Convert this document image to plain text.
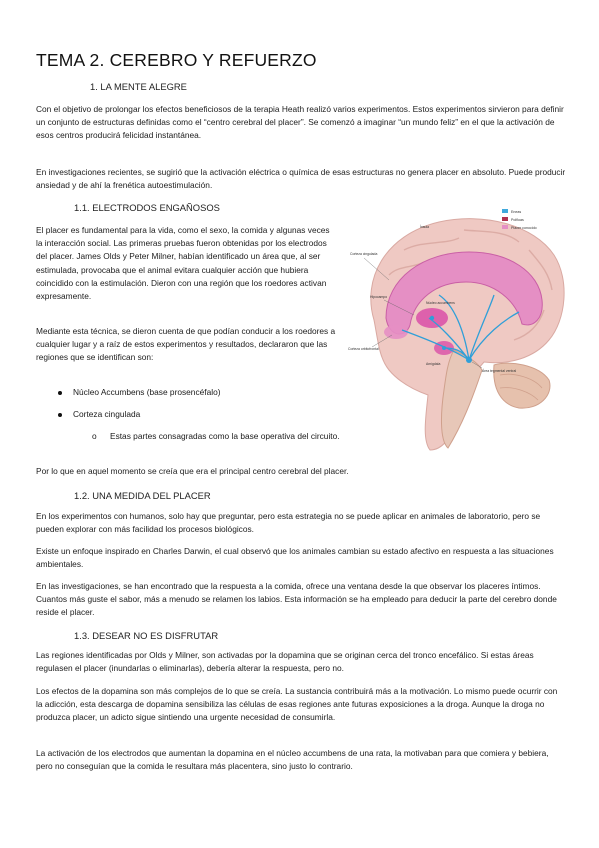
TEMA 2. CEREBRO Y REFUERZO
1. LA MENTE ALEGRE

Con el objetivo de prolongar los efectos beneficiosos de la terapia Heath realizó varios experimentos. Estos experimentos sirvieron para definir un conjunto de estructuras definidas como el “centro cerebral del placer”. Se comenzó a imaginar “un mundo feliz” en el que la activación de esos centros producirá felicidad instantánea.

En investigaciones recientes, se sugirió que la activación eléctrica o química de esas estructuras no genera placer en absoluto. Puede producir ansiedad y de ahí la frenética autoestimulación.

1.1. ELECTRODOS ENGAÑOSOS

El placer es fundamental para la vida, como el sexo, la comida y algunas veces la interacción social. Las primeras pruebas fueron obtenidas por los electrodos del placer. James Olds y Peter Milner, habían identificado un área que, al ser estimulada, provocaba que el animal evitara cualquier acción que hubiera coincidido con la estimulación. Dieron con una región que los roedores activan expresamente.

Mediante esta técnica, se dieron cuenta de que podían conducir a los roedores a cualquier lugar y a raíz de estos experimentos y resultados, declararon que las regiones que se identifican son:

Núcleo Accumbens (base prosencéfalo)
Corteza cingulada
o Estas partes consagradas como la base operativa del circuito.

Por lo que en aquel momento se creía que era el principal centro cerebral del placer.

1.2. UNA MEDIDA DEL PLACER

En los experimentos con humanos, solo hay que preguntar, pero esta estrategia no se puede aplicar en animales de laboratorio, pero se pueden explorar con más facilidad los procesos biológicos.

Existe un enfoque inspirado en Charles Darwin, el cual observó que los animales cambian su estado afectivo en respuesta a las situaciones ambientales.

En las investigaciones, se han encontrado que la respuesta a la comida, ofrece una ventana desde la que observar los placeres íntimos. Cuantos más guste el sabor, más a menudo se relamen los labios. Esta información se ha empleado para deducir la parte del cerebro donde reside el placer.

1.3. DESEAR NO ES DISFRUTAR

Las regiones identificadas por Olds y Milner, son activadas por la dopamina que se originan cerca del tronco encefálico. Si estas áreas regulasen el placer (inundarlas o eliminarlas), debería alterar la respuesta, pero no.

Los efectos de la dopamina son más complejos de lo que se creía. La sustancia contribuirá más a la motivación. Lo mismo puede ocurrir con la adicción, esta descarga de dopamina sensibiliza las células de esas regiones ante futuras exposiciones a la droga. Aunque la droga no produzca placer, un adicto sigue sintiendo una urgente necesidad de consumirla.

La activación de los electrodos que aumentan la dopamina en el núcleo accumbens de una rata, la motivaban para que comiera y bebiera, pero no conseguían que la comida le resultara más placentera, sino justo lo contrario.

Eneas
Polfloas
Placer conocido
Ínsula
Corteza cingulada
Hipocampo
Núcleo accumbens
Amígdala
Corteza orbitofrontal
Área tegmental ventral
